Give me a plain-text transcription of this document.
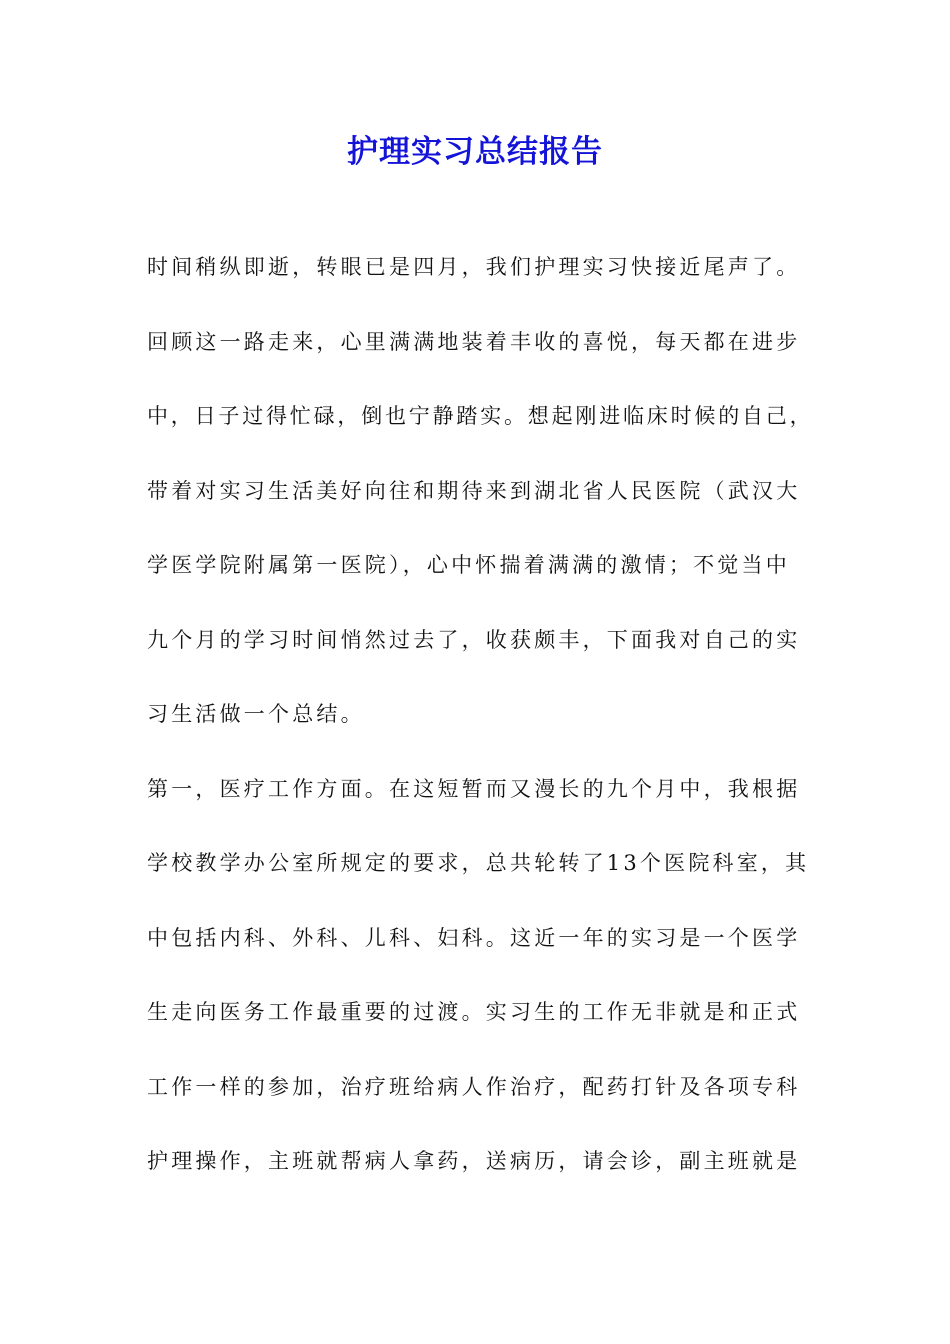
护理实习总结报告

时间稍纵即逝，转眼已是四月，我们护理实习快接近尾声了。

回顾这一路走来，心里满满地装着丰收的喜悦，每天都在进步

中，日子过得忙碌，倒也宁静踏实。想起刚进临床时候的自己，

带着对实习生活美好向往和期待来到湖北省人民医院（武汉大

学医学院附属第一医院），心中怀揣着满满的激情；不觉当中

九个月的学习时间悄然过去了，收获颇丰，下面我对自己的实

习生活做一个总结。

第一，医疗工作方面。在这短暂而又漫长的九个月中，我根据

学校教学办公室所规定的要求，总共轮转了13个医院科室，其

中包括内科、外科、儿科、妇科。这近一年的实习是一个医学

生走向医务工作最重要的过渡。实习生的工作无非就是和正式

工作一样的参加，治疗班给病人作治疗，配药打针及各项专科

护理操作，主班就帮病人拿药，送病历，请会诊，副主班就是
